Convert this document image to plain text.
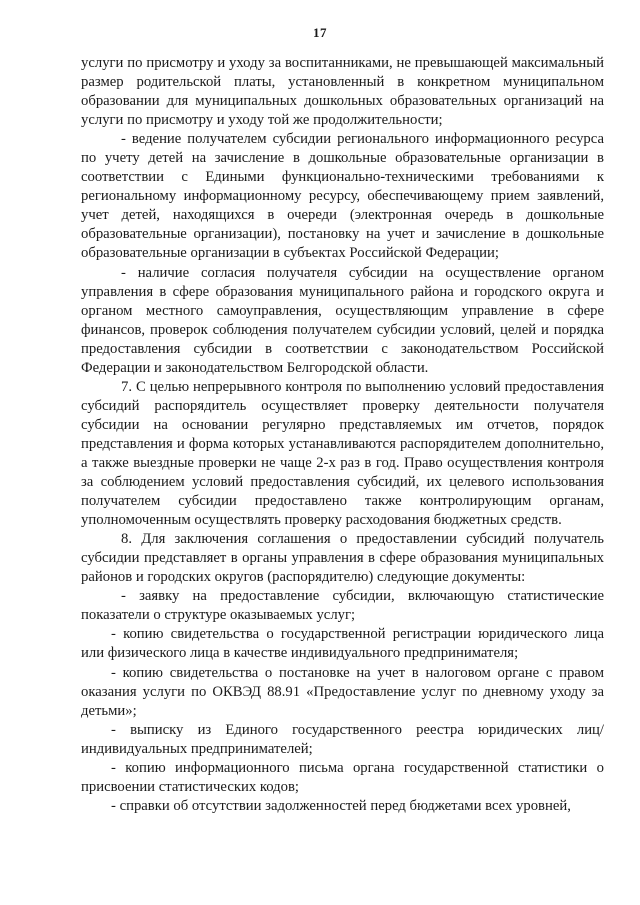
17

услуги по присмотру и уходу за воспитанниками, не превышающей максимальный размер родительской платы, установленный в конкретном муниципальном образовании для муниципальных дошкольных образовательных организаций на услуги по присмотру и уходу той же продолжительности;

- ведение получателем субсидии регионального информационного ресурса по учету детей на зачисление в дошкольные образовательные организации в соответствии с Едиными функционально-техническими требованиями к региональному информационному ресурсу, обеспечивающему прием заявлений, учет детей, находящихся в очереди (электронная очередь в дошкольные образовательные организации), постановку на учет и зачисление в дошкольные образовательные организации в субъектах Российской Федерации;

- наличие согласия получателя субсидии на осуществление органом управления в сфере образования муниципального района и городского округа и органом местного самоуправления, осуществляющим управление в сфере финансов, проверок соблюдения получателем субсидии условий, целей и порядка предоставления субсидии в соответствии с законодательством Российской Федерации и законодательством Белгородской области.

7. С целью непрерывного контроля по выполнению условий предоставления субсидий распорядитель осуществляет проверку деятельности получателя субсидии на основании регулярно представляемых им отчетов, порядок представления и форма которых устанавливаются распорядителем дополнительно, а также выездные проверки не чаще 2-х раз в год. Право осуществления контроля за соблюдением условий предоставления субсидий, их целевого использования получателем субсидии предоставлено также контролирующим органам, уполномоченным осуществлять проверку расходования бюджетных средств.

8. Для заключения соглашения о предоставлении субсидий получатель субсидии представляет в органы управления в сфере образования муниципальных районов и городских округов (распорядителю) следующие документы:

- заявку на предоставление субсидии, включающую статистические показатели о структуре оказываемых услуг;

- копию свидетельства о государственной регистрации юридического лица или физического лица в качестве индивидуального предпринимателя;

- копию свидетельства о постановке на учет в налоговом органе с правом оказания услуги по ОКВЭД 88.91 «Предоставление услуг по дневному уходу за детьми»;

- выписку из Единого государственного реестра юридических лиц/индивидуальных предпринимателей;

- копию информационного письма органа государственной статистики о присвоении статистических кодов;

- справки об отсутствии задолженностей перед бюджетами всех уровней,
